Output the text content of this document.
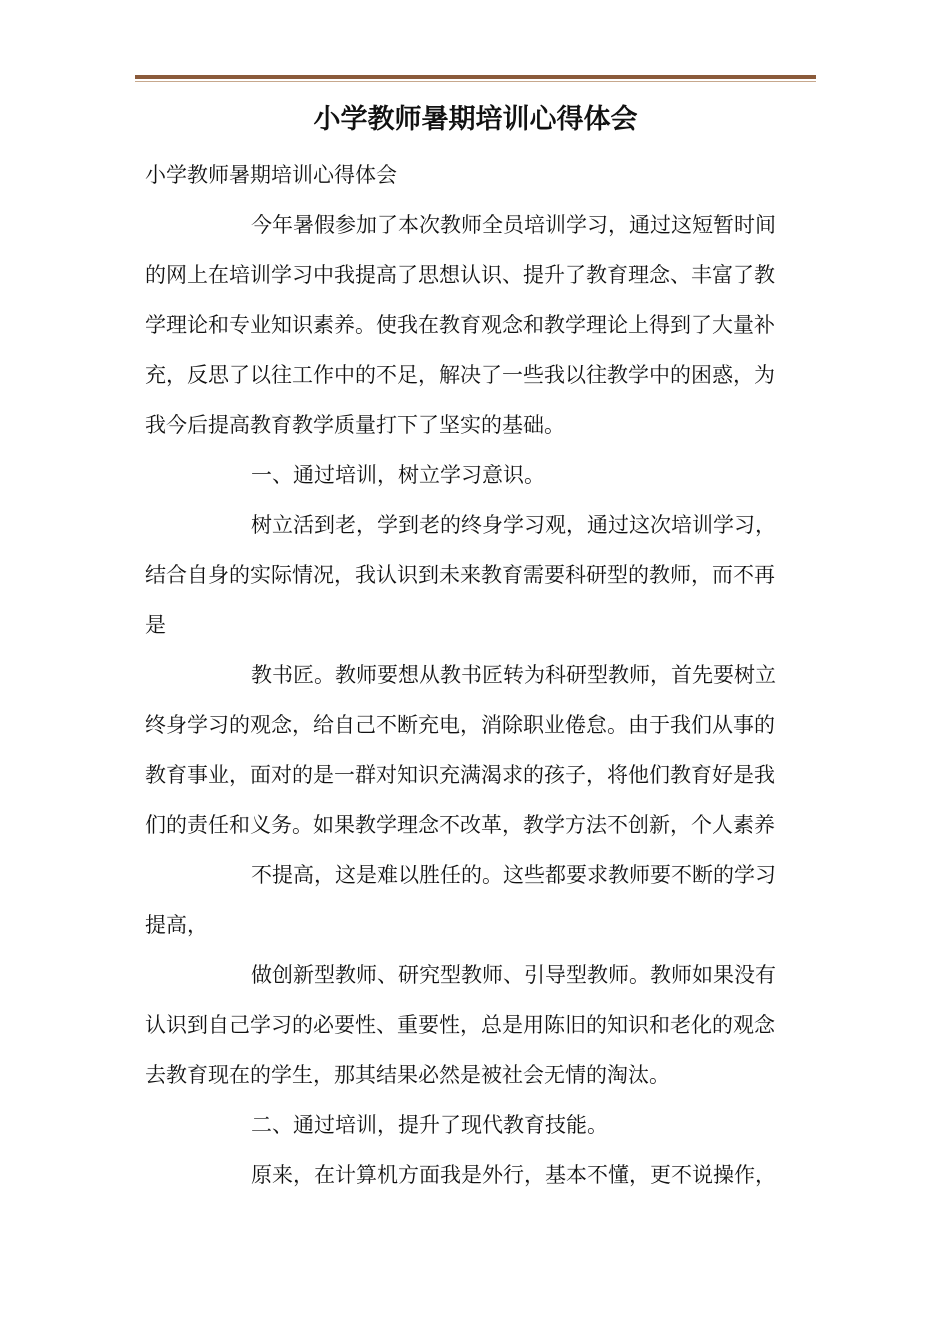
小学教师暑期培训心得体会
小学教师暑期培训心得体会
今年暑假参加了本次教师全员培训学习，通过这短暂时间
的网上在培训学习中我提高了思想认识、提升了教育理念、丰富了教
学理论和专业知识素养。使我在教育观念和教学理论上得到了大量补
充，反思了以往工作中的不足，解决了一些我以往教学中的困惑，为
我今后提高教育教学质量打下了坚实的基础。
一、通过培训，树立学习意识。
树立活到老，学到老的终身学习观，通过这次培训学习，
结合自身的实际情况，我认识到未来教育需要科研型的教师，而不再
是
教书匠。教师要想从教书匠转为科研型教师，首先要树立
终身学习的观念，给自己不断充电，消除职业倦怠。由于我们从事的
教育事业，面对的是一群对知识充满渴求的孩子，将他们教育好是我
们的责任和义务。如果教学理念不改革，教学方法不创新，个人素养
不提高，这是难以胜任的。这些都要求教师要不断的学习
提高，
做创新型教师、研究型教师、引导型教师。教师如果没有
认识到自己学习的必要性、重要性，总是用陈旧的知识和老化的观念
去教育现在的学生，那其结果必然是被社会无情的淘汰。
二、通过培训，提升了现代教育技能。
原来，在计算机方面我是外行，基本不懂，更不说操作，
